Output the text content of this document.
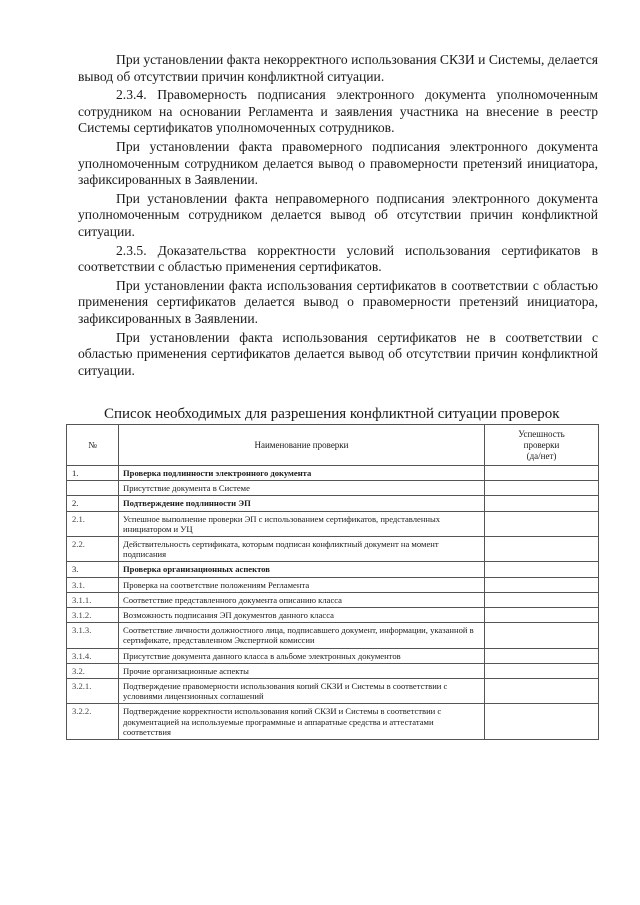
При установлении факта некорректного использования СКЗИ и Системы, делается вывод об отсутствии причин конфликтной ситуации.

2.3.4. Правомерность подписания электронного документа уполномоченным сотрудником на основании Регламента и заявления участника на внесение в реестр Системы сертификатов уполномоченных сотрудников.

При установлении факта правомерного подписания электронного документа уполномоченным сотрудником делается вывод о правомерности претензий инициатора, зафиксированных в Заявлении.

При установлении факта неправомерного подписания электронного документа уполномоченным сотрудником делается вывод об отсутствии причин конфликтной ситуации.

2.3.5. Доказательства корректности условий использования сертификатов в соответствии с областью применения сертификатов.

При установлении факта использования сертификатов в соответствии с областью применения сертификатов делается вывод о правомерности претензий инициатора, зафиксированных в Заявлении.

При установлении факта использования сертификатов не в соответствии с областью применения сертификатов делается вывод об отсутствии причин конфликтной ситуации.

Список необходимых для разрешения конфликтной ситуации проверок
№	Наименование проверки	Успешность
проверки
(да/нет)

1.	Проверка подлинности электронного документа	
	Присутствие документа в Системе	
2.	Подтверждение подлинности ЭП	
2.1.	Успешное выполнение проверки ЭП с использованием сертификатов, представленных инициатором и УЦ	
2.2.	Действительность сертификата, которым подписан конфликтный документ на момент подписания	
3.	Проверка организационных аспектов	
3.1.	Проверка на соответствие положениям Регламента	
3.1.1.	Соответствие представленного документа описанию класса	
3.1.2.	Возможность подписания ЭП документов данного класса	
3.1.3.	Соответствие личности должностного лица, подписавшего документ, информации, указанной в сертификате, представленном Экспертной комиссии	
3.1.4.	Присутствие документа данного класса в альбоме электронных документов	
3.2.	Прочие организационные аспекты	
3.2.1.	Подтверждение правомерности использования копий СКЗИ и Системы в соответствии с условиями лицензионных соглашений	
3.2.2.	Подтверждение корректности использования копий СКЗИ и Системы в соответствии с документацией на используемые программные и аппаратные средства и аттестатами соответствия	
